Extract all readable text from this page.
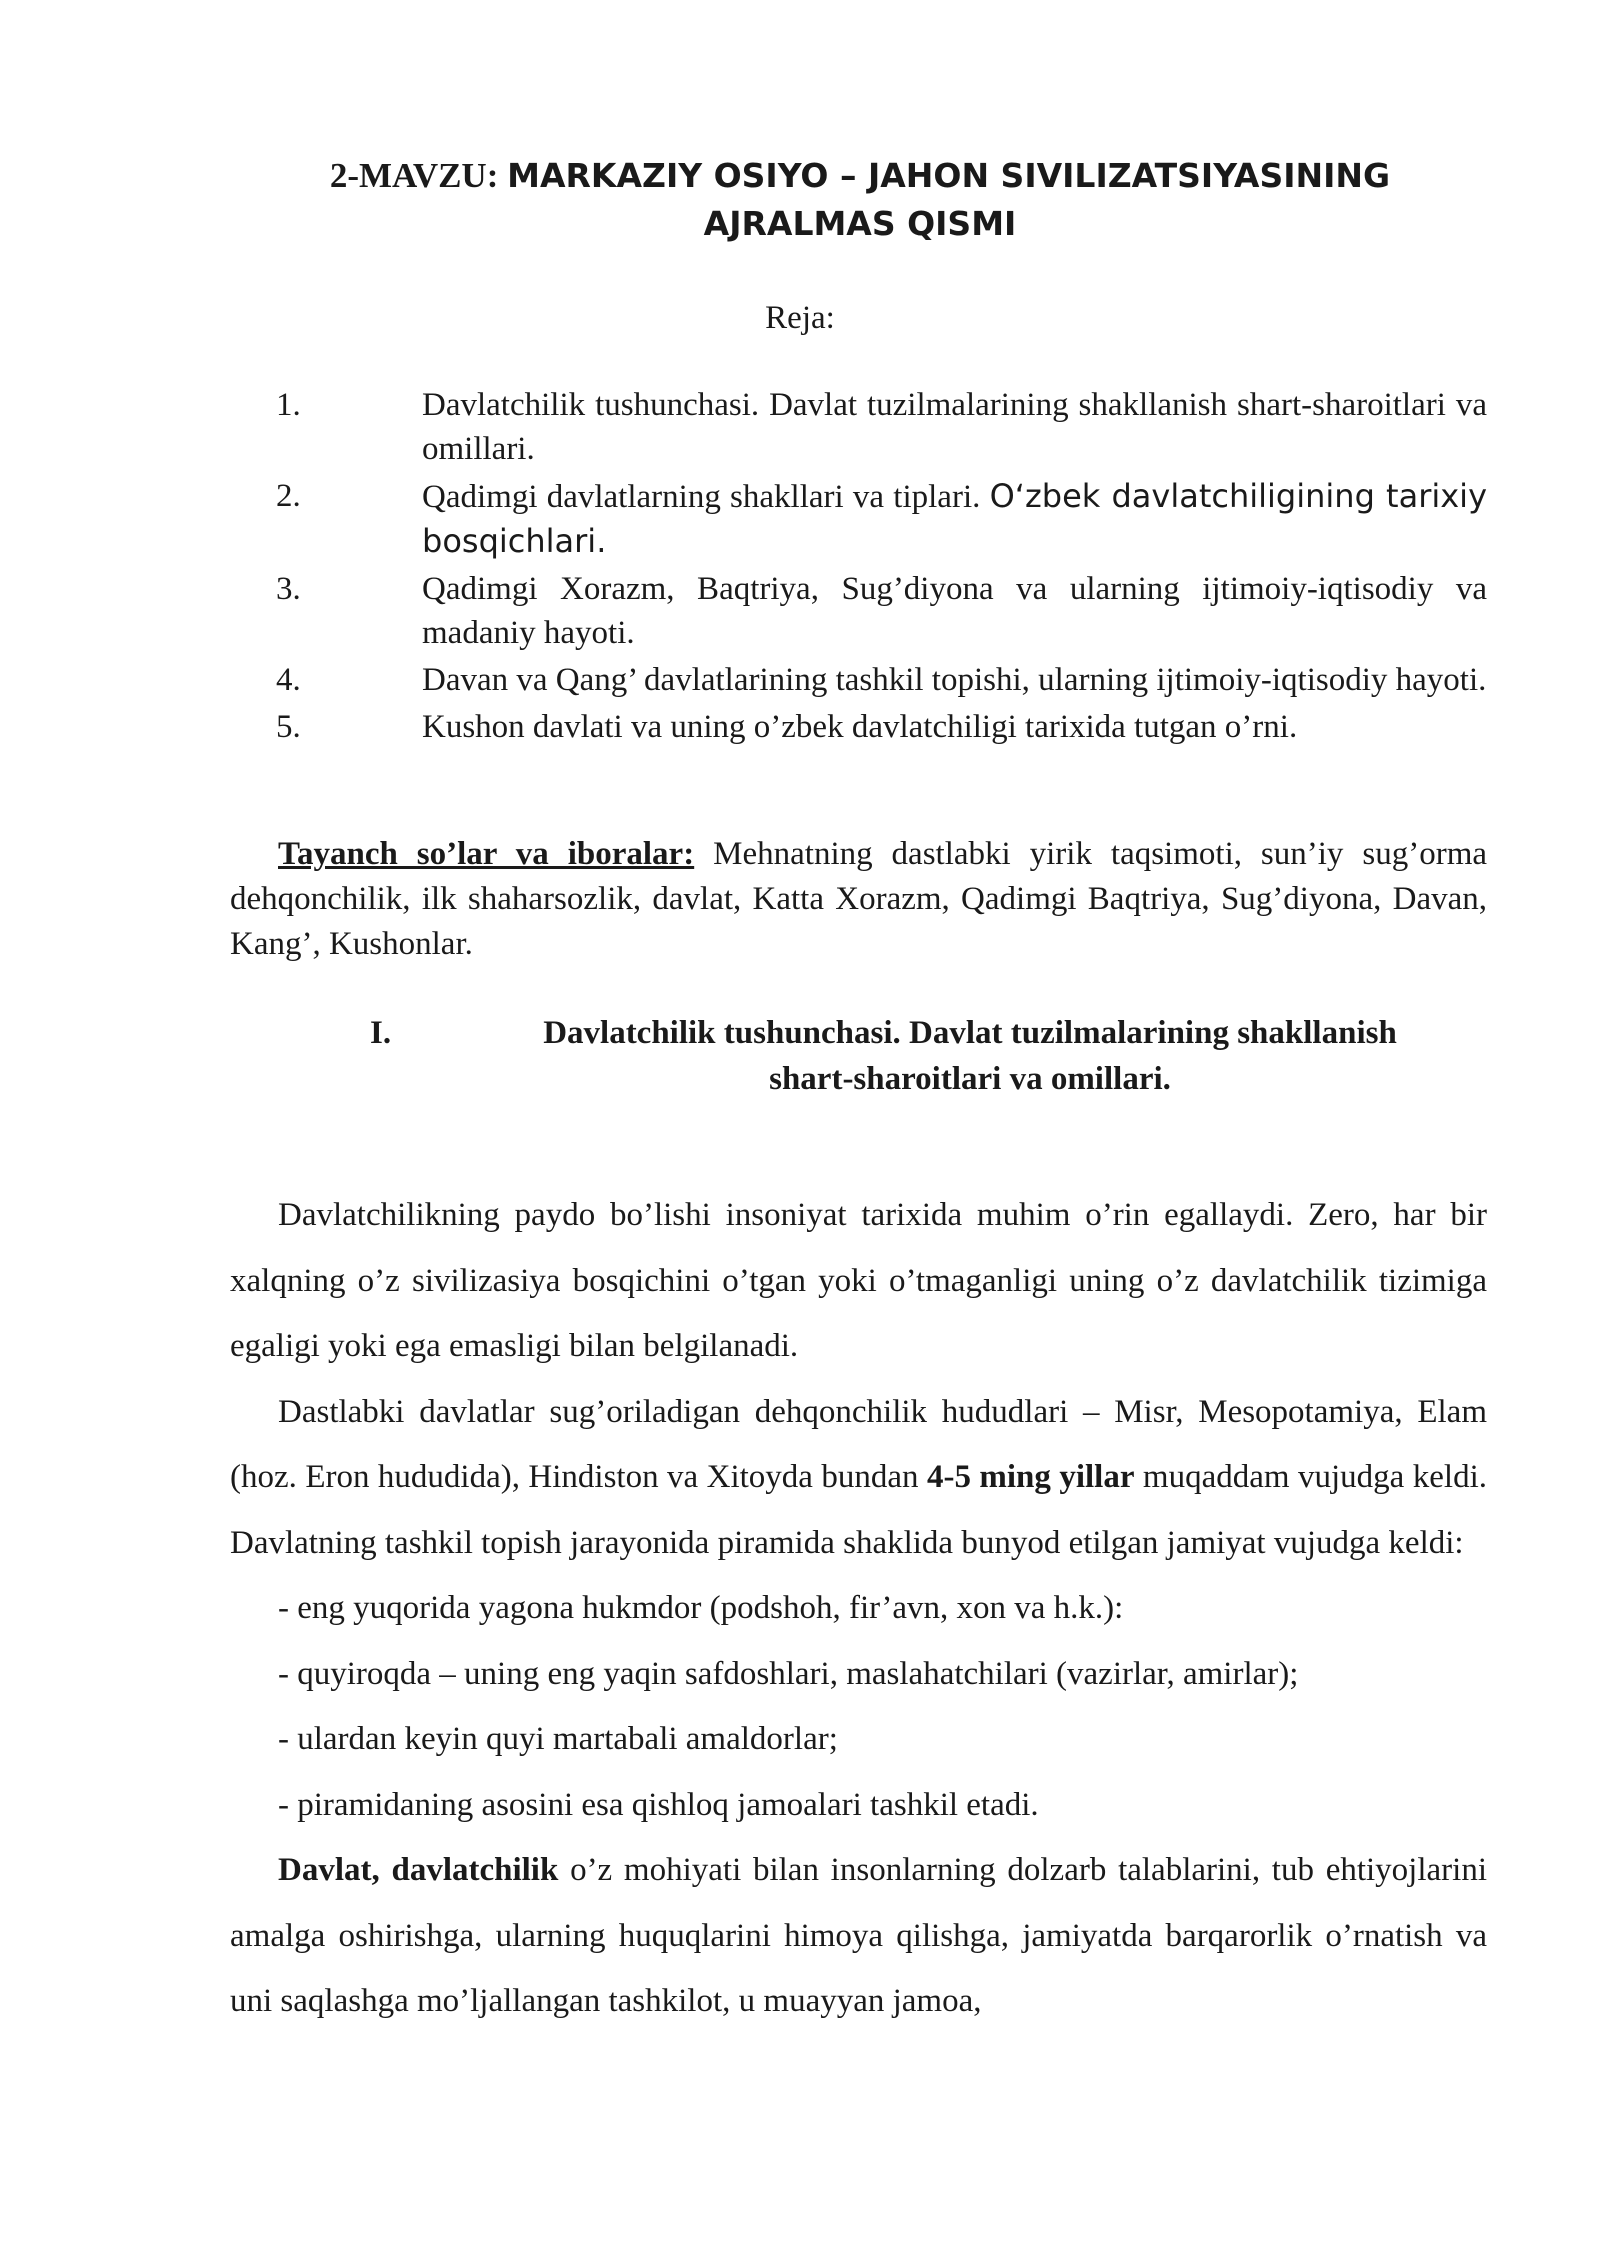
2-MAVZU: MARKAZIY OSIYO – JAHON SIVILIZATSIYASINING
AJRALMAS QISMI
Reja:
1.	Davlatchilik tushunchasi. Davlat tuzilmalarining shakllanish shart-sharoitlari va omillari.
2.	Qadimgi davlatlarning shakllari va tiplari. O‘zbek davlatchiligining tarixiy bosqichlari.
3.	Qadimgi Xorazm, Baqtriya, Sug’diyona va ularning ijtimoiy-iqtisodiy va madaniy hayoti.
4.	Davan va Qang’ davlatlarining tashkil topishi, ularning ijtimoiy-iqtisodiy hayoti.
5.	Kushon davlati va uning o’zbek davlatchiligi tarixida tutgan o’rni.
Tayanch so’lar va iboralar: Mehnatning dastlabki yirik taqsimoti, sun’iy sug’orma dehqonchilik, ilk shaharsozlik, davlat, Katta Xorazm, Qadimgi Baqtriya, Sug’diyona, Davan, Kang’, Kushonlar.
I.	Davlatchilik tushunchasi. Davlat tuzilmalarining shakllanish
shart-sharoitlari va omillari.

Davlatchilikning paydo bo’lishi insoniyat tarixida muhim o’rin egallaydi. Zero, har bir xalqning o’z sivilizasiya bosqichini o’tgan yoki o’tmaganligi uning o’z davlatchilik tizimiga egaligi yoki ega emasligi bilan belgilanadi.

Dastlabki davlatlar sug’oriladigan dehqonchilik hududlari – Misr, Mesopotamiya, Elam (hoz. Eron hududida), Hindiston va Xitoyda bundan 4-5 ming yillar muqaddam vujudga keldi. Davlatning tashkil topish jarayonida piramida shaklida bunyod etilgan jamiyat vujudga keldi:

- eng yuqorida yagona hukmdor (podshoh, fir’avn, xon va h.k.):

- quyiroqda – uning eng yaqin safdoshlari, maslahatchilari (vazirlar, amirlar);

- ulardan keyin quyi martabali amaldorlar;

- piramidaning asosini esa qishloq jamoalari tashkil etadi.

Davlat, davlatchilik o’z mohiyati bilan insonlarning dolzarb talablarini, tub ehtiyojlarini amalga oshirishga, ularning huquqlarini himoya qilishga, jamiyatda barqarorlik o’rnatish va uni saqlashga mo’ljallangan tashkilot, u muayyan jamoa,
